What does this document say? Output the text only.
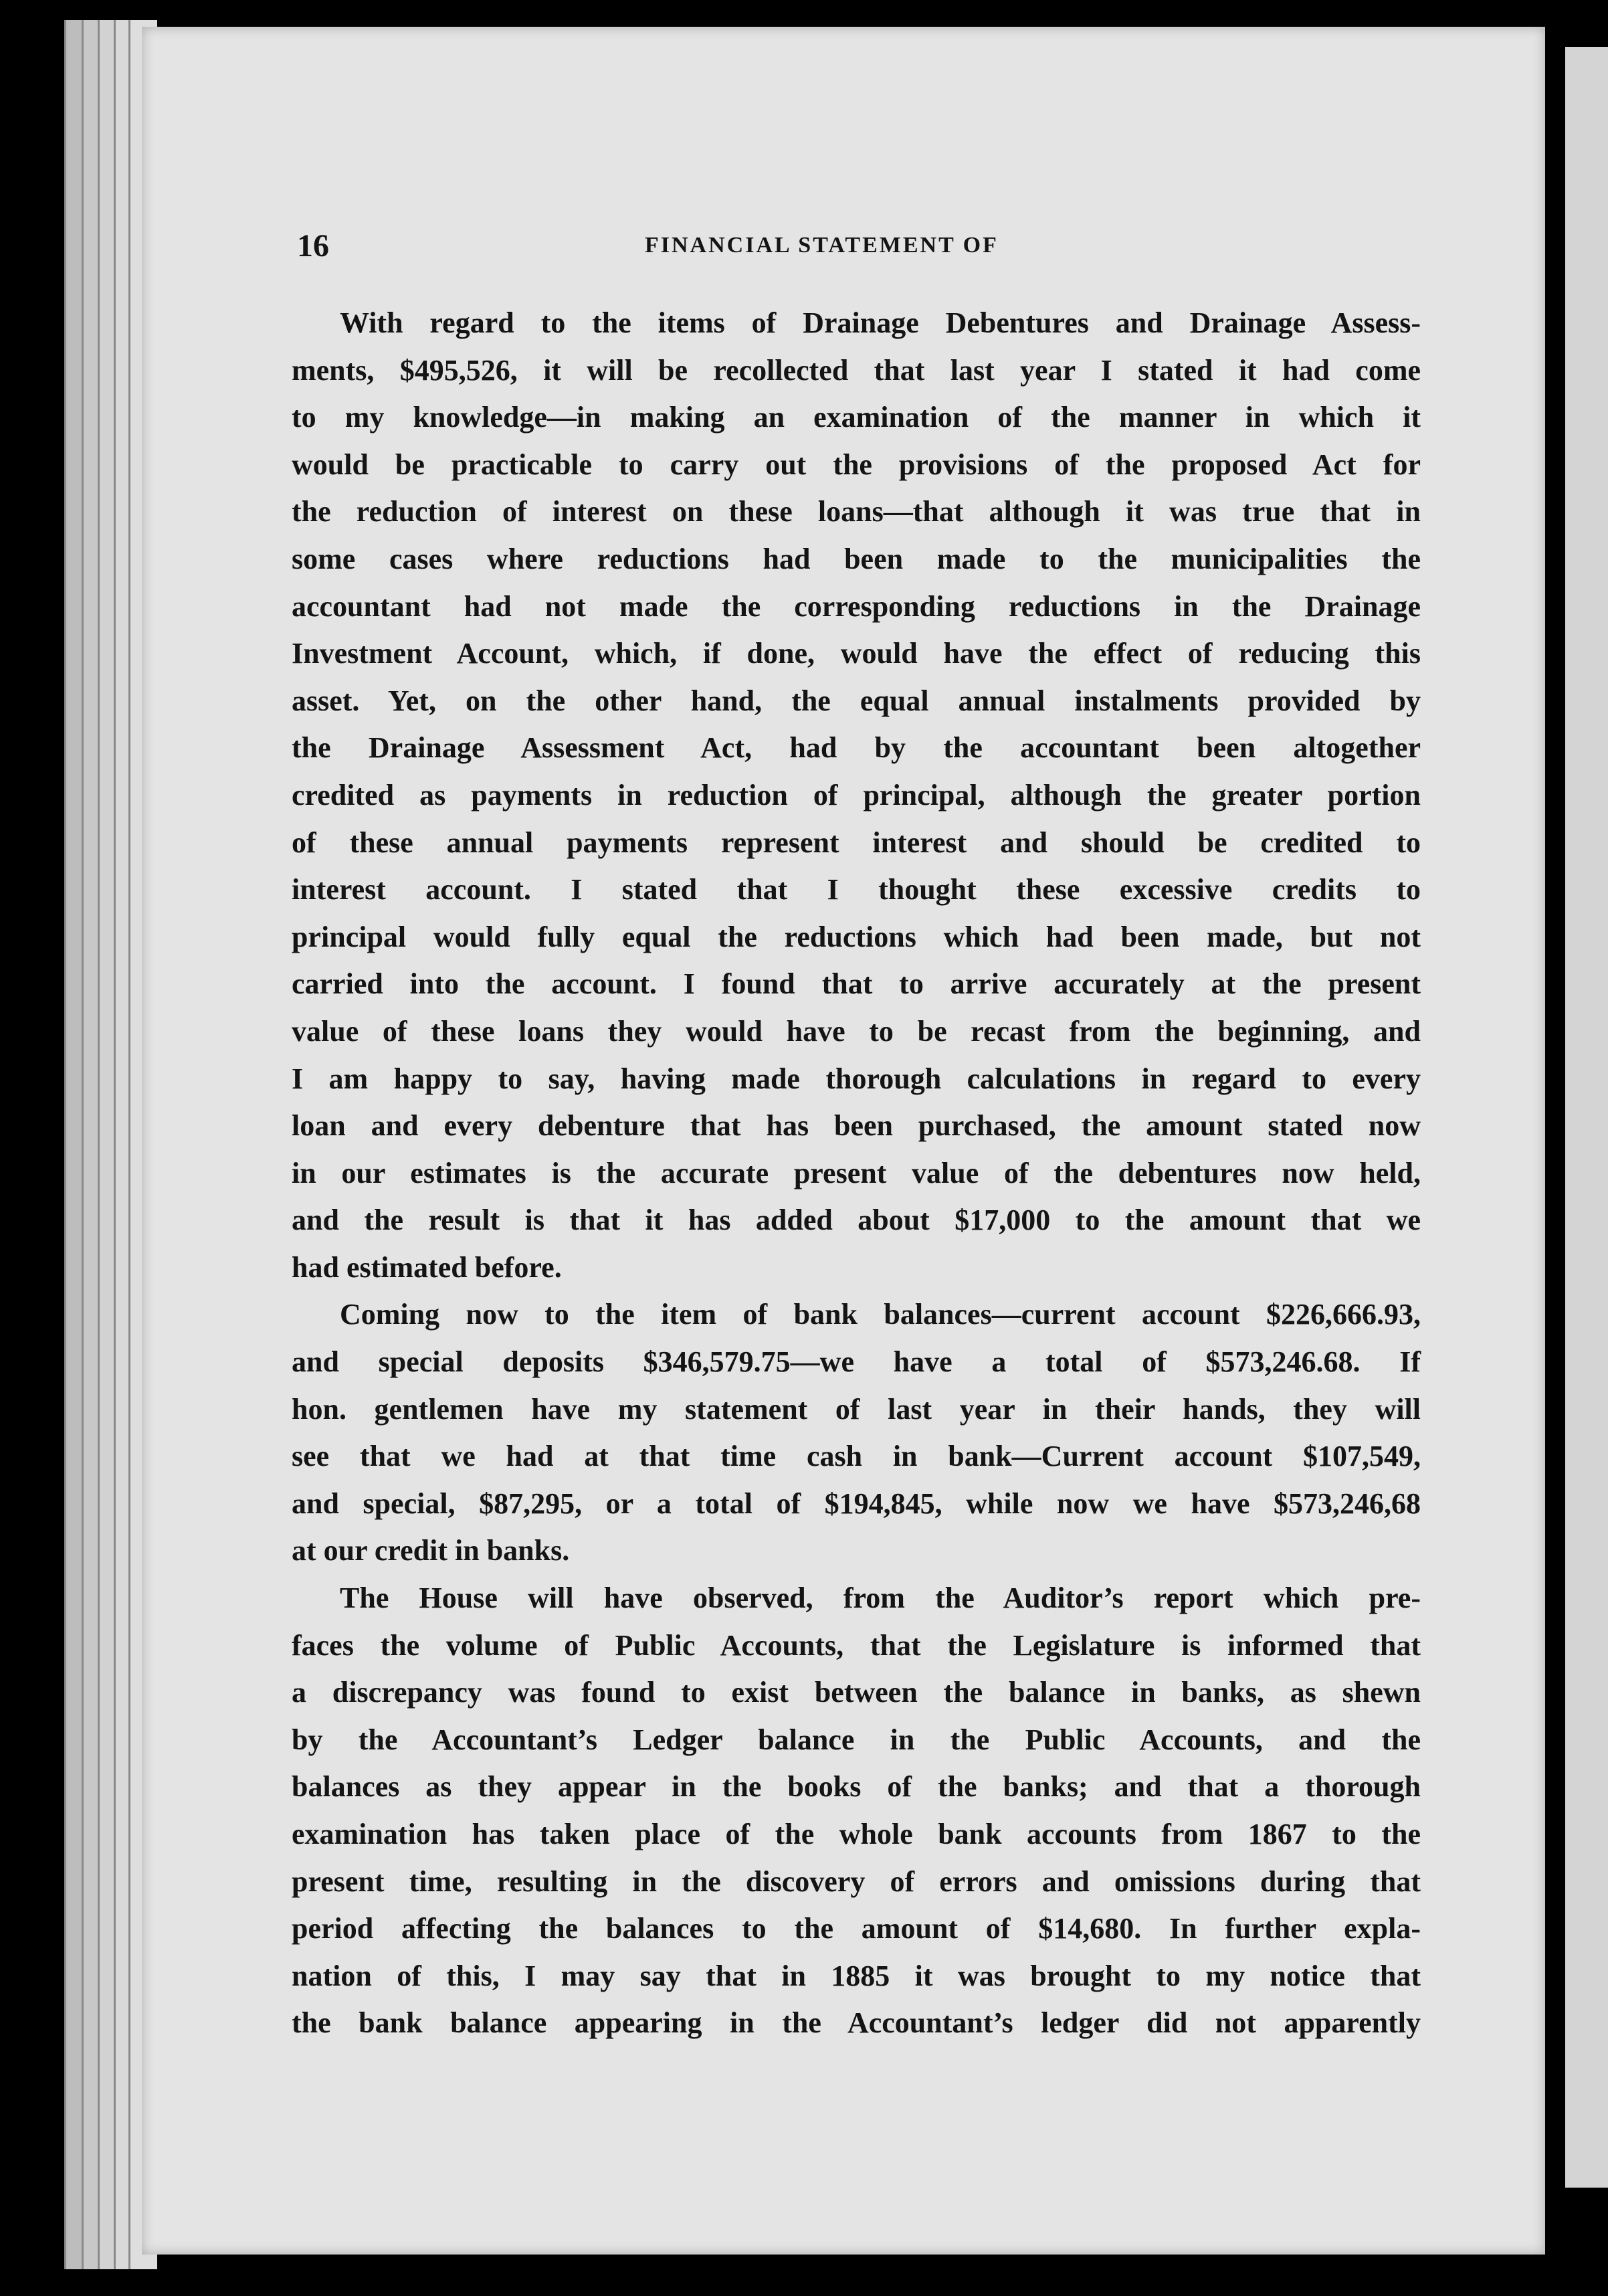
16	FINANCIAL STATEMENT OF

With regard to the items of Drainage Debentures and Drainage Assess-
ments, $495,526, it will be recollected that last year I stated it had come
to my knowledge—in making an examination of the manner in which it
would be practicable to carry out the provisions of the proposed Act for
the reduction of interest on these loans—that although it was true that in
some cases where reductions had been made to the municipalities the
accountant had not made the corresponding reductions in the Drainage
Investment Account, which, if done, would have the effect of reducing this
asset. Yet, on the other hand, the equal annual instalments provided by
the Drainage Assessment Act, had by the accountant been altogether
credited as payments in reduction of principal, although the greater portion
of these annual payments represent interest and should be credited to
interest account. I stated that I thought these excessive credits to
principal would fully equal the reductions which had been made, but not
carried into the account. I found that to arrive accurately at the present
value of these loans they would have to be recast from the beginning, and
I am happy to say, having made thorough calculations in regard to every
loan and every debenture that has been purchased, the amount stated now
in our estimates is the accurate present value of the debentures now held,
and the result is that it has added about $17,000 to the amount that we
had estimated before.

Coming now to the item of bank balances—current account $226,666.93,
and special deposits $346,579.75—we have a total of $573,246.68. If
hon. gentlemen have my statement of last year in their hands, they will
see that we had at that time cash in bank—Current account $107,549,
and special, $87,295, or a total of $194,845, while now we have $573,246,68
at our credit in banks.

The House will have observed, from the Auditor’s report which pre-
faces the volume of Public Accounts, that the Legislature is informed that
a discrepancy was found to exist between the balance in banks, as shewn
by the Accountant’s Ledger balance in the Public Accounts, and the
balances as they appear in the books of the banks; and that a thorough
examination has taken place of the whole bank accounts from 1867 to the
present time, resulting in the discovery of errors and omissions during that
period affecting the balances to the amount of $14,680. In further expla-
nation of this, I may say that in 1885 it was brought to my notice that
the bank balance appearing in the Accountant’s ledger did not apparently
